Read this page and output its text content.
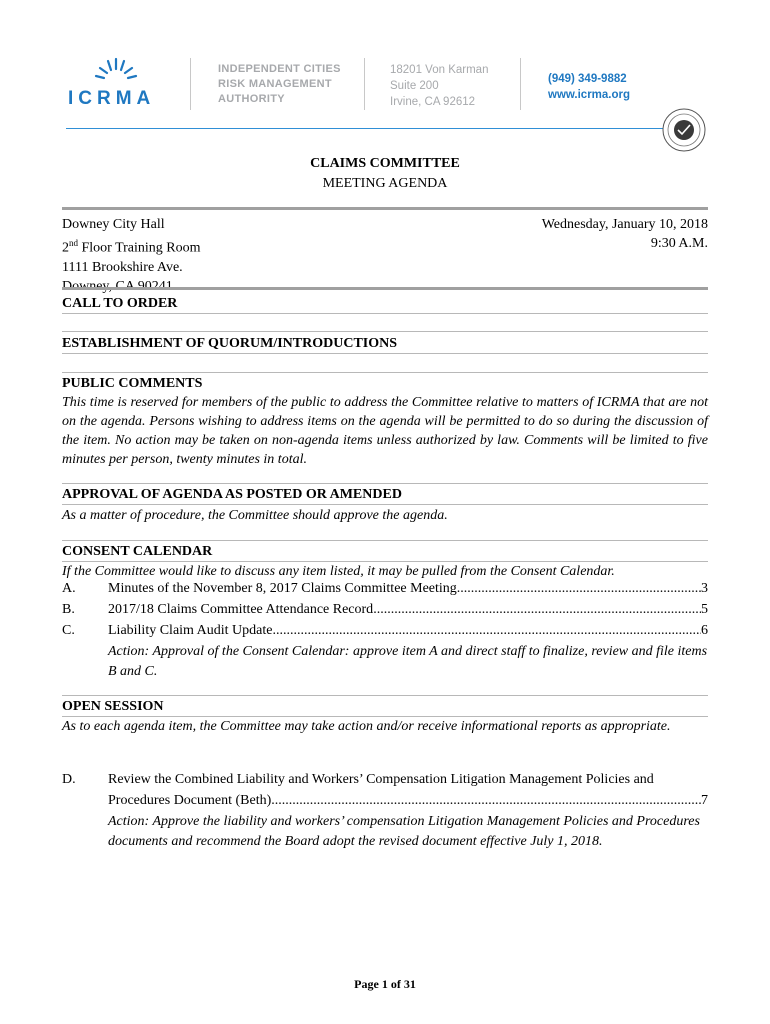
ICRMA
INDEPENDENT CITIES
RISK MANAGEMENT
AUTHORITY
18201 Von Karman
Suite 200
Irvine, CA 92612
(949) 349-9882
www.icrma.org
CLAIMS COMMITTEE
MEETING AGENDA
Downey City Hall
2nd Floor Training Room
1111 Brookshire Ave.
Wednesday, January 10, 2018
9:30 A.M.
CALL TO ORDER
ESTABLISHMENT OF QUORUM/INTRODUCTIONS
PUBLIC COMMENTS
This time is reserved for members of the public to address the Committee relative to matters of ICRMA that are not on the agenda. Persons wishing to address items on the agenda will be permitted to do so during the discussion of the item. No action may be taken on non-agenda items unless authorized by law. Comments will be limited to five minutes per person, twenty minutes in total.
APPROVAL OF AGENDA AS POSTED OR AMENDED
As a matter of procedure, the Committee should approve the agenda.
CONSENT CALENDAR
If the Committee would like to discuss any item listed, it may be pulled from the Consent Calendar.
A. Minutes of the November 8, 2017 Claims Committee Meeting .....	3
B. 2017/18 Claims Committee Attendance Record .....	5
C. Liability Claim Audit Update .....	6
Action: Approval of the Consent Calendar: approve item A and direct staff to finalize, review and file items B and C.
OPEN SESSION
As to each agenda item, the Committee may take action and/or receive informational reports as appropriate.
D. Review the Combined Liability and Workers’ Compensation Litigation Management Policies and
Procedures Document (Beth) .....	7
Action: Approve the liability and workers’ compensation Litigation Management Policies and Procedures documents and recommend the Board adopt the revised document effective July 1, 2018.
Page 1 of 31
